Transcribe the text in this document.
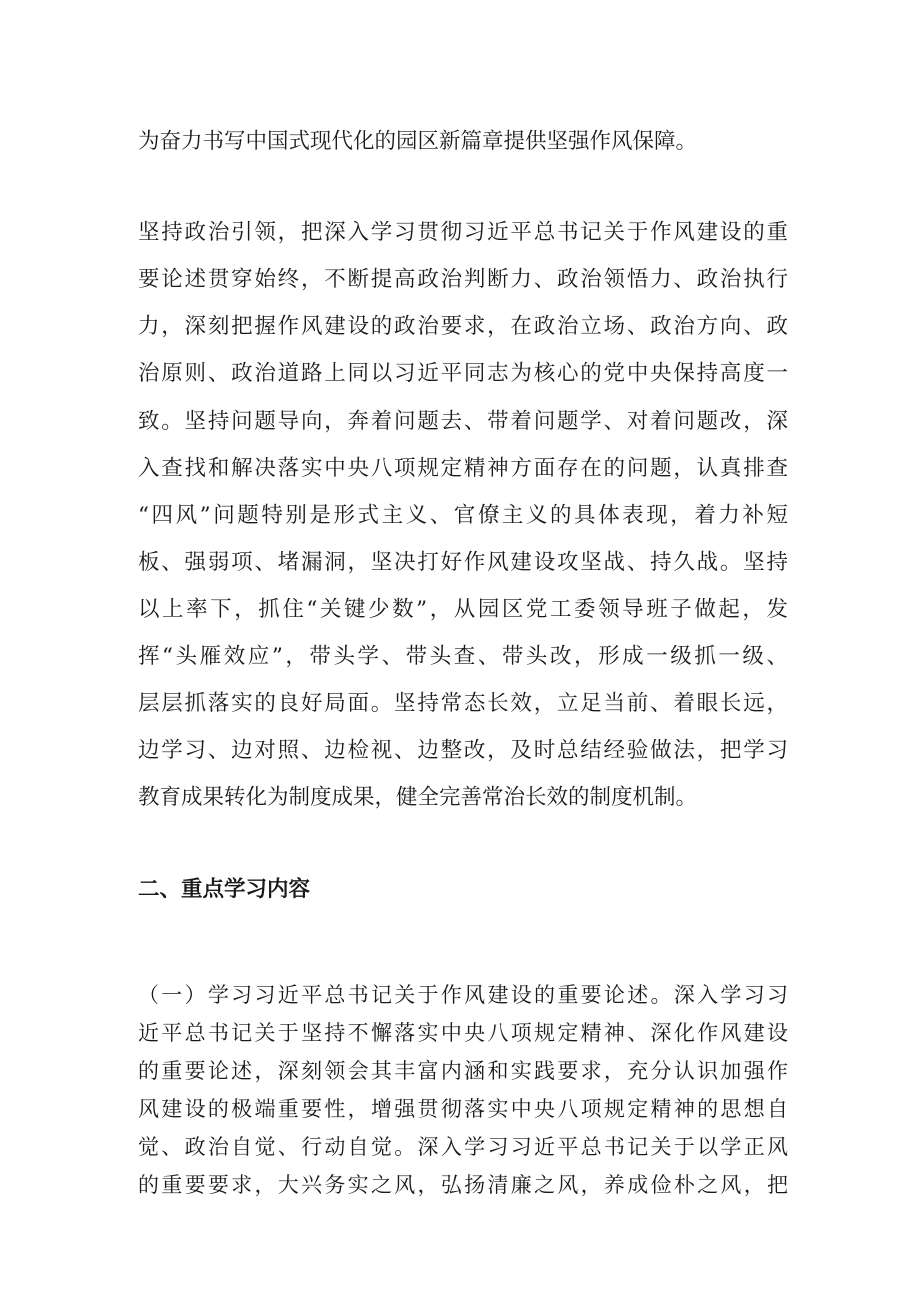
为奋力书写中国式现代化的园区新篇章提供坚强作风保障。

坚持政治引领，把深入学习贯彻习近平总书记关于作风建设的重

要论述贯穿始终，不断提高政治判断力、政治领悟力、政治执行

力，深刻把握作风建设的政治要求，在政治立场、政治方向、政

治原则、政治道路上同以习近平同志为核心的党中央保持高度一

致。坚持问题导向，奔着问题去、带着问题学、对着问题改，深

入查找和解决落实中央八项规定精神方面存在的问题，认真排查

“四风”问题特别是形式主义、官僚主义的具体表现，着力补短

板、强弱项、堵漏洞，坚决打好作风建设攻坚战、持久战。坚持

以上率下，抓住“关键少数”，从园区党工委领导班子做起，发

挥“头雁效应”，带头学、带头查、带头改，形成一级抓一级、

层层抓落实的良好局面。坚持常态长效，立足当前、着眼长远，

边学习、边对照、边检视、边整改，及时总结经验做法，把学习

教育成果转化为制度成果，健全完善常治长效的制度机制。

二、重点学习内容

（一）学习习近平总书记关于作风建设的重要论述。深入学习习

近平总书记关于坚持不懈落实中央八项规定精神、深化作风建设

的重要论述，深刻领会其丰富内涵和实践要求，充分认识加强作

风建设的极端重要性，增强贯彻落实中央八项规定精神的思想自

觉、政治自觉、行动自觉。深入学习习近平总书记关于以学正风

的重要要求，大兴务实之风，弘扬清廉之风，养成俭朴之风，把
